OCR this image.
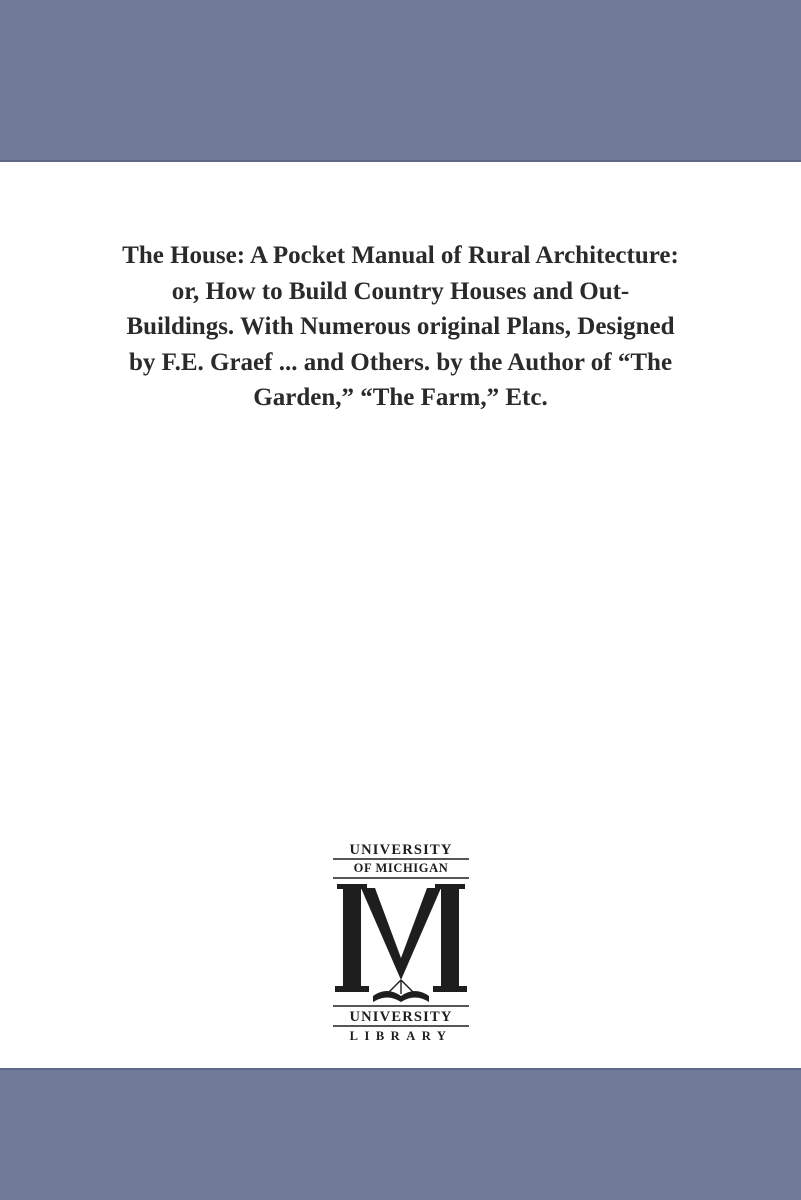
The House: A Pocket Manual of Rural Architecture: or, How to Build Country Houses and Out-Buildings. With Numerous original Plans, Designed by F.E. Graef ... and Others. by the Author of “The Garden,” “The Farm,” Etc.
UNIVERSITY
OF MICHIGAN
UNIVERSITY
LIBRARY
